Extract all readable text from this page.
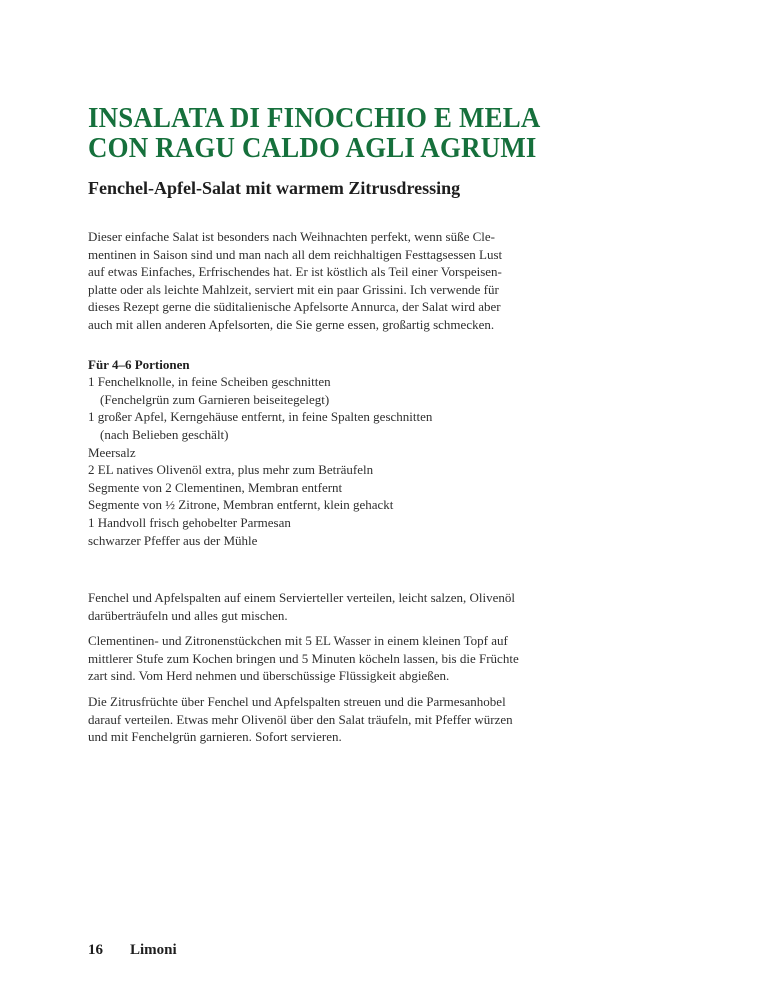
INSALATA DI FINOCCHIO E MELA
CON RAGU CALDO AGLI AGRUMI
Fenchel-Apfel-Salat mit warmem Zitrusdressing
Dieser einfache Salat ist besonders nach Weihnachten perfekt, wenn süße Cle-
mentinen in Saison sind und man nach all dem reichhaltigen Festtagsessen Lust
auf etwas Einfaches, Erfrischendes hat. Er ist köstlich als Teil einer Vorspeisen-
platte oder als leichte Mahlzeit, serviert mit ein paar Grissini. Ich verwende für
dieses Rezept gerne die süditalienische Apfelsorte Annurca, der Salat wird aber
auch mit allen anderen Apfelsorten, die Sie gerne essen, großartig schmecken.
Für 4–6 Portionen
1 Fenchelknolle, in feine Scheiben geschnitten
(Fenchelgrün zum Garnieren beiseitegelegt)
1 großer Apfel, Kerngehäuse entfernt, in feine Spalten geschnitten
(nach Belieben geschält)
Meersalz
2 EL natives Olivenöl extra, plus mehr zum Beträufeln
Segmente von 2 Clementinen, Membran entfernt
Segmente von ½ Zitrone, Membran entfernt, klein gehackt
1 Handvoll frisch gehobelter Parmesan
schwarzer Pfeffer aus der Mühle
Fenchel und Apfelspalten auf einem Servierteller verteilen, leicht salzen, Olivenöl
darüberträufeln und alles gut mischen.
Clementinen- und Zitronenstückchen mit 5 EL Wasser in einem kleinen Topf auf
mittlerer Stufe zum Kochen bringen und 5 Minuten köcheln lassen, bis die Früchte
zart sind. Vom Herd nehmen und überschüssige Flüssigkeit abgießen.
Die Zitrusfrüchte über Fenchel und Apfelspalten streuen und die Parmesanhobel
darauf verteilen. Etwas mehr Olivenöl über den Salat träufeln, mit Pfeffer würzen
und mit Fenchelgrün garnieren. Sofort servieren.
16 Limoni
